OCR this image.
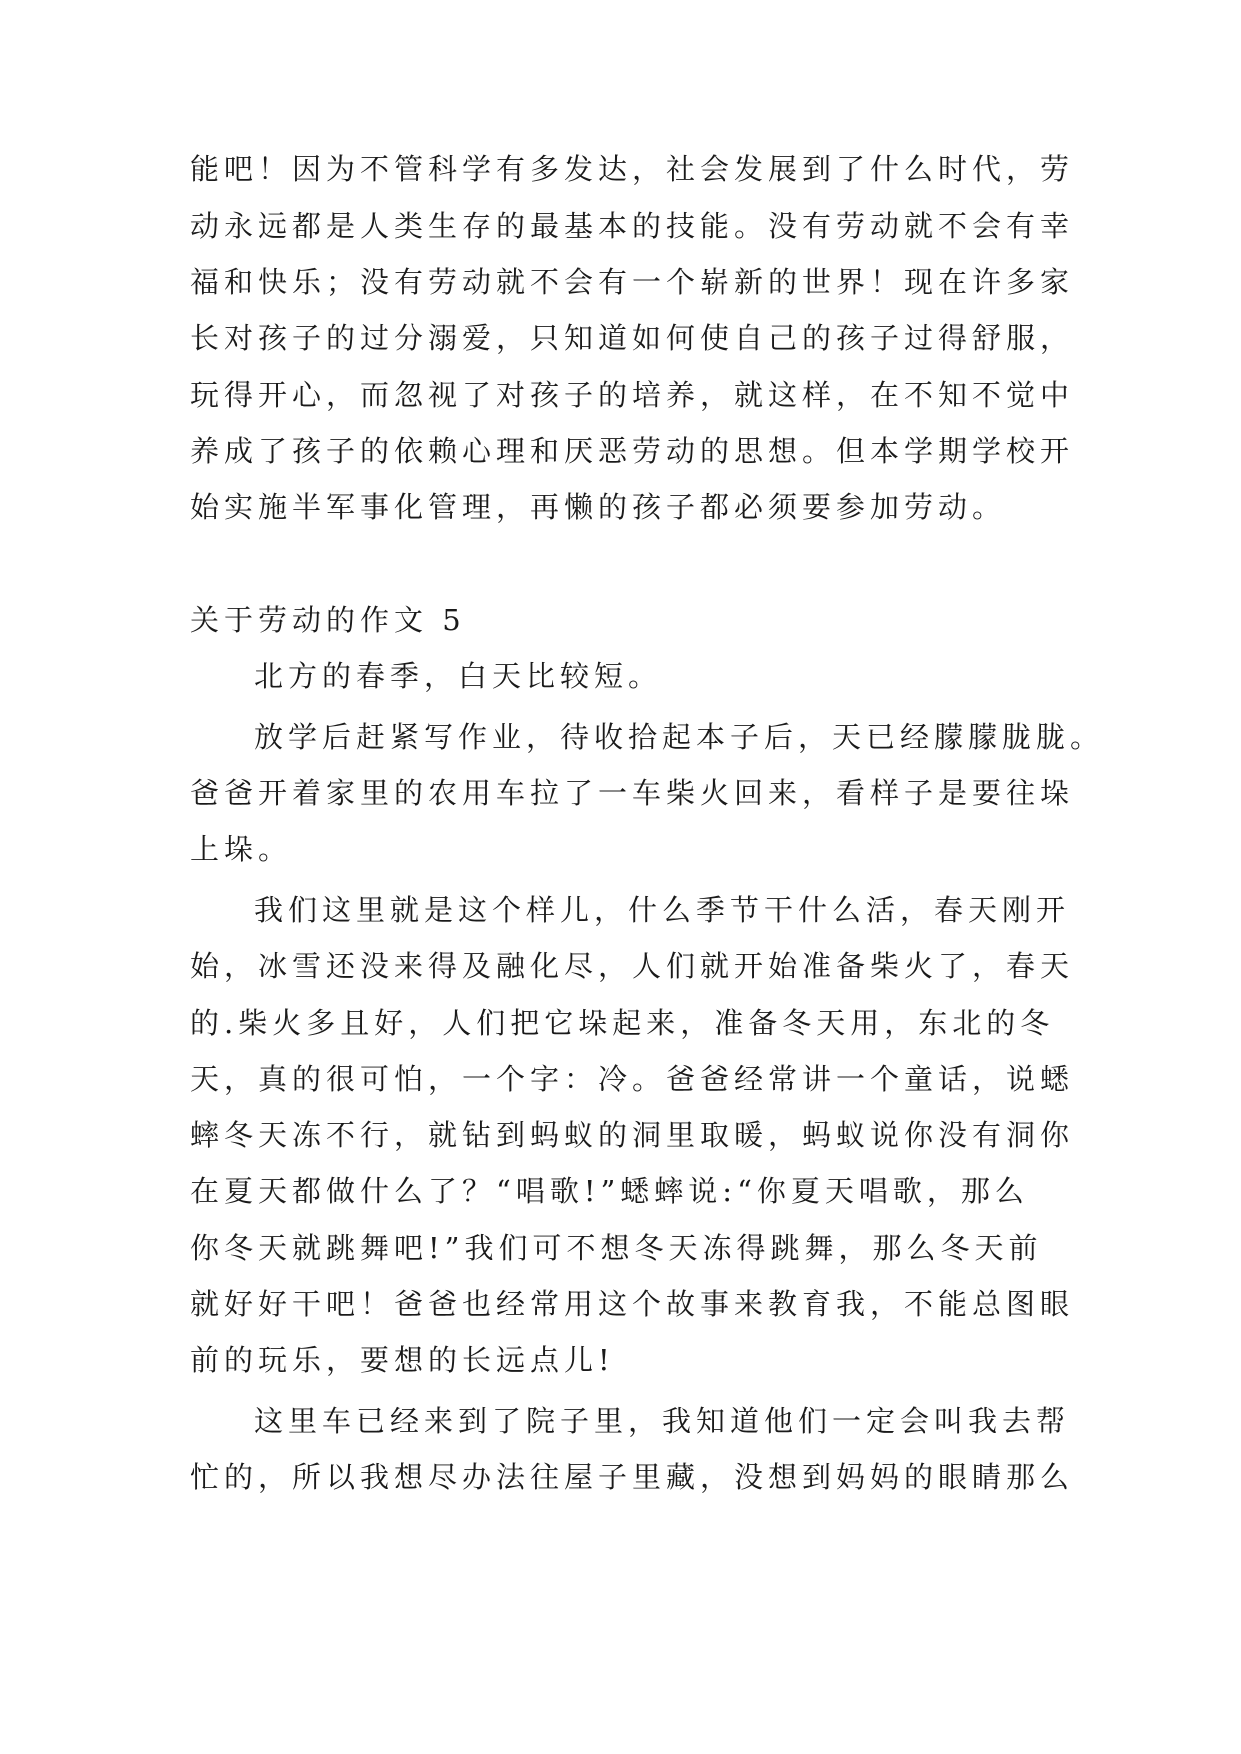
能吧！因为不管科学有多发达，社会发展到了什么时代，劳
动永远都是人类生存的最基本的技能。没有劳动就不会有幸
福和快乐；没有劳动就不会有一个崭新的世界！现在许多家
长对孩子的过分溺爱，只知道如何使自己的孩子过得舒服，
玩得开心，而忽视了对孩子的培养，就这样，在不知不觉中
养成了孩子的依赖心理和厌恶劳动的思想。但本学期学校开
始实施半军事化管理，再懒的孩子都必须要参加劳动。
关于劳动的作文 5
北方的春季，白天比较短。
放学后赶紧写作业，待收拾起本子后，天已经朦朦胧胧。
爸爸开着家里的农用车拉了一车柴火回来，看样子是要往垛
上垛。
我们这里就是这个样儿，什么季节干什么活，春天刚开
始，冰雪还没来得及融化尽，人们就开始准备柴火了，春天
的.柴火多且好，人们把它垛起来，准备冬天用，东北的冬
天，真的很可怕，一个字：冷。爸爸经常讲一个童话，说蟋
蟀冬天冻不行，就钻到蚂蚁的洞里取暖，蚂蚁说你没有洞你
在夏天都做什么了？“唱歌!”蟋蟀说:“你夏天唱歌，那么
你冬天就跳舞吧!”我们可不想冬天冻得跳舞，那么冬天前
就好好干吧！爸爸也经常用这个故事来教育我，不能总图眼
前的玩乐，要想的长远点儿!
这里车已经来到了院子里，我知道他们一定会叫我去帮
忙的，所以我想尽办法往屋子里藏，没想到妈妈的眼睛那么
